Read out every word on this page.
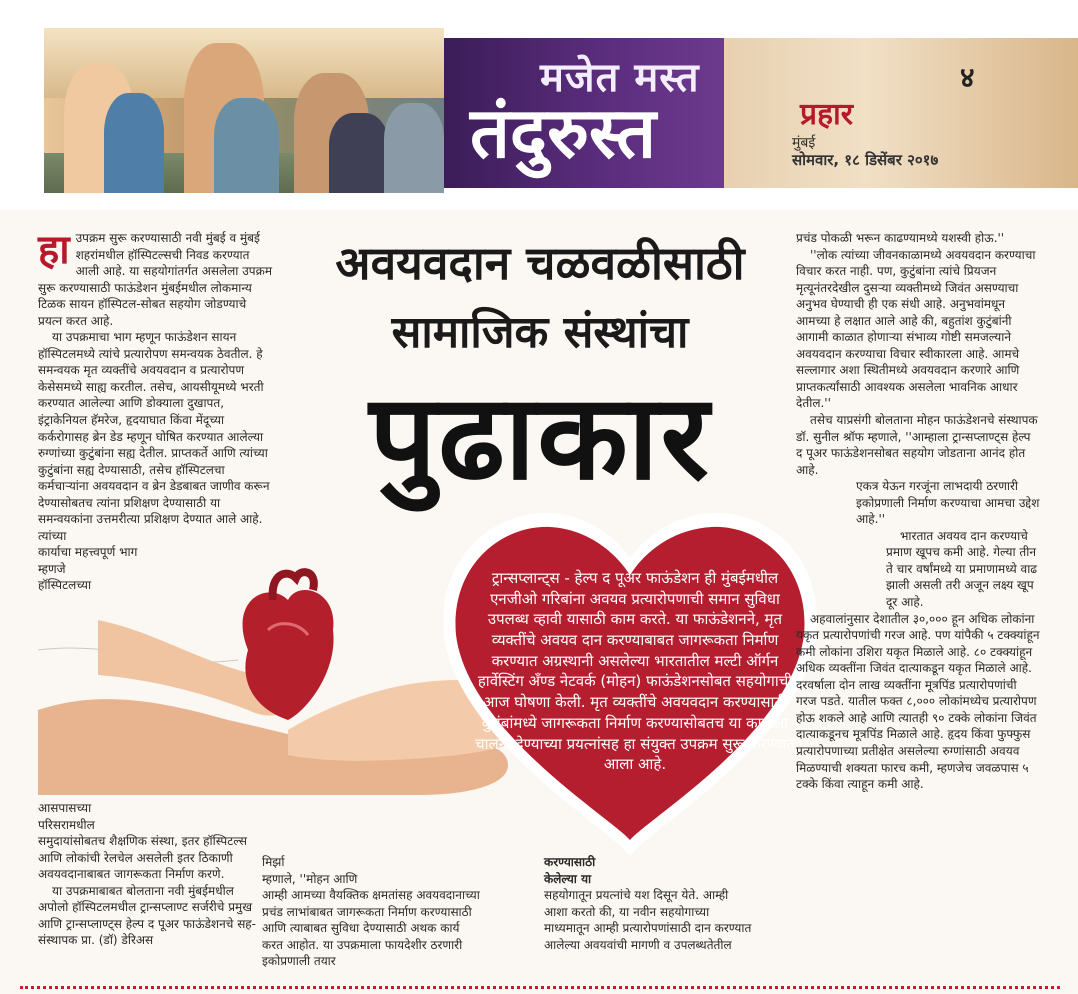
मजेत मस्त
तंदुरुस्त
४
प्रहार
मुंबई
सोमवार, १८ डिसेंबर २०१७
अवयवदान चळवळीसाठी
सामाजिक संस्थांचा
पुढाकार
हा उपक्रम सुरू करण्यासाठी नवी मुंबई व मुंबई शहरांमधील हॉस्पिटल्सची निवड करण्यात आली आहे. या सहयोगांतर्गत असलेला उपक्रम सुरू करण्यासाठी फाऊंडेशन मुंबईमधील लोकमान्य टिळक सायन हॉस्पिटल-सोबत सहयोग जोडण्याचे प्रयत्न करत आहे.

या उपक्रमाचा भाग म्हणून फाऊंडेशन सायन हॉस्पिटलमध्ये त्यांचे प्रत्यारोपण समन्वयक ठेवतील. हे समन्वयक मृत व्यक्तींचे अवयवदान व प्रत्यारोपण केसेसमध्ये साह्य करतील. तसेच, आयसीयूमध्ये भरती करण्यात आलेल्या आणि डोक्याला दुखापत, इंट्राकेनियल हॅमरेज, हृदयाघात किंवा मेंदूच्या कर्करोगासह ब्रेन डेड म्हणून घोषित करण्यात आलेल्या रुग्णांच्या कुटुंबांना सह्य देतील. प्राप्तकर्ते आणि त्यांच्या कुटुंबांना सह्य देण्यासाठी, तसेच हॉस्पिटलचा कर्मचाऱ्यांना अवयवदान व ब्रेन डेडबाबत जाणीव करून देण्यासोबतच त्यांना प्रशिक्षण देण्यासाठी या समन्वयकांना उत्तमरीत्या प्रशिक्षण देण्यात आले आहे. त्यांच्या

कार्याचा महत्त्वपूर्ण भाग
म्हणजे
हॉस्पिटलच्या	ट्रान्सप्लान्ट्स - हेल्प द पूअर फाऊंडेशन ही मुंबईमधील एनजीओ गरिबांना अवयव प्रत्यारोपणाची समान सुविधा उपलब्ध व्हावी यासाठी काम करते. या फाऊंडेशनने, मृत व्यक्तींचे अवयव दान करण्याबाबत जागरूकता निर्माण करण्यात अग्रस्थानी असलेल्या भारतातील मल्टी ऑर्गन हार्वेस्टिंग अँण्ड नेटवर्क (मोहन) फाऊंडेशनसोबत सहयोगाची आज घोषणा केली. मृत व्यक्तींचे अवयवदान करण्यासाठी कुटुंबांमध्ये जागरूकता निर्माण करण्यासोबतच या कार्याला चालना देण्याच्या प्रयत्नांसह हा संयुक्त उपक्रम सुरू करण्यात आला आहे.
आसपासच्या
परिसरामधील
समुदायांसोबतच शैक्षणिक संस्था, इतर हॉस्पिटल्स आणि लोकांची रेलचेल असलेली इतर ठिकाणी अवयवदानाबाबत जागरूकता निर्माण करणे.

या उपक्रमाबाबत बोलताना नवी मुंबईमधील अपोलो हॉस्पिटलमधील ट्रान्सप्लाण्ट सर्जरीचे प्रमुख आणि ट्रान्सप्लाण्ट्स हेल्प द पूअर फाऊंडेशनचे सह-संस्थापक प्रा. (डॉ) डेरिअस

मिर्झा
म्हणाले, ''मोहन आणि
आम्ही आमच्या वैयक्तिक क्षमतांसह अवयवदानाच्या प्रचंड लाभांबाबत जागरूकता निर्माण करण्यासाठी आणि त्याबाबत सुविधा देण्यासाठी अथक कार्य करत आहोत. या उपक्रमाला फायदेशीर ठरणारी इकोप्रणाली तयार
करण्यासाठी
केलेल्या या
सहयोगातून प्रयत्नांचे यश दिसून येते. आम्ही आशा करतो की, या नवीन सहयोगाच्या माध्यमातून आम्ही प्रत्यारोपणांसाठी दान करण्यात आलेल्या अवयवांची मागणी व उपलब्धतेतील
प्रचंड पोकळी भरून काढण्यामध्ये यशस्वी होऊ.''

''लोक त्यांच्या जीवनकाळामध्ये अवयवदान करण्याचा विचार करत नाही. पण, कुटुंबांना त्यांचे प्रियजन मृत्यूनंतरदेखील दुसऱ्या व्यक्तीमध्ये जिवंत असण्याचा अनुभव घेण्याची ही एक संधी आहे. अनुभवांमधून आमच्या हे लक्षात आले आहे की, बहुतांश कुटुंबांनी आगामी काळात होणाऱ्या संभाव्य गोष्टी समजल्याने अवयवदान करण्याचा विचार स्वीकारला आहे. आमचे सल्लागार अशा स्थितीमध्ये अवयवदान करणारे आणि प्राप्तकर्त्यांसाठी आवश्यक असलेला भावनिक आधार देतील.''

तसेच याप्रसंगी बोलताना मोहन फाऊंडेशनचे संस्थापक डॉ. सुनील श्रॉफ म्हणाले, ''आम्हाला ट्रान्सप्लाण्ट्स हेल्प द पूअर फाऊंडेशनसोबत सहयोग जोडताना आनंद होत आहे.

एकत्र येऊन गरजूंना लाभदायी ठरणारी इकोप्रणाली निर्माण करण्याचा आमचा उद्देश आहे.''

भारतात अवयव दान करण्याचे प्रमाण खूपच कमी आहे. गेल्या तीन ते चार वर्षांमध्ये या प्रमाणामध्ये वाढ झाली असली तरी अजून लक्ष्य खूप दूर आहे.

अहवालांनुसार देशातील ३०,००० हून अधिक लोकांना यकृत प्रत्यारोपणांची गरज आहे. पण यांपैकी ५ टक्क्यांहून कमी लोकांना उशिरा यकृत मिळाले आहे. ८० टक्क्यांहून अधिक व्यक्तींना जिवंत दात्याकडून यकृत मिळाले आहे. दरवर्षाला दोन लाख व्यक्तींना मूत्रपिंड प्रत्यारोपणांची गरज पडते. यातील फक्त ८,००० लोकांमध्येच प्रत्यारोपण होऊ शकले आहे आणि त्यातही ९० टक्के लोकांना जिवंत दात्याकडूनच मूत्रपिंड मिळाले आहे. हृदय किंवा फुफ्फुस प्रत्यारोपणाच्या प्रतीक्षेत असलेल्या रुग्णांसाठी अवयव मिळण्याची शक्यता फारच कमी, म्हणजेच जवळपास ५ टक्के किंवा त्याहून कमी आहे.
